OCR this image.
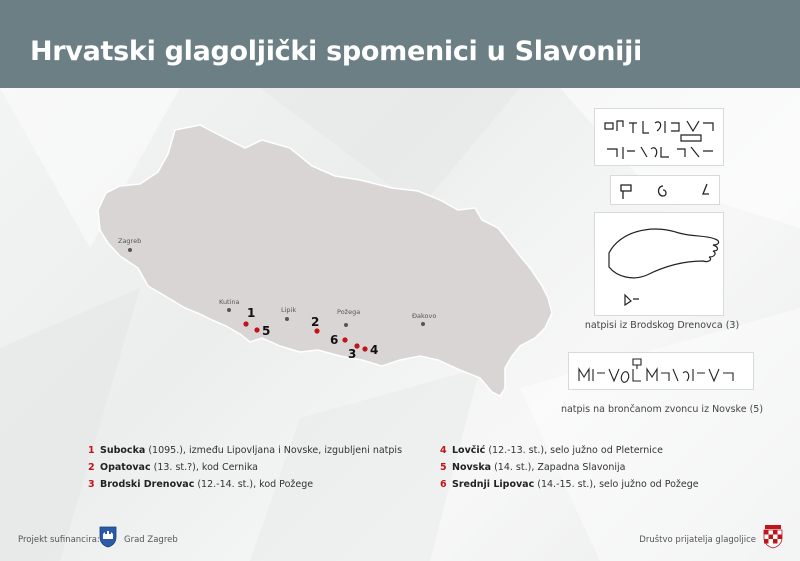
Hrvatski glagoljički spomenici u Slavoniji
Zagreb
Kutina
Lipik	Požega	Đakovo
1
5
2
6
3 4
natpisi iz Brodskog Drenovca (3)
natpis na brončanom zvoncu iz Novske (5)
1 Subocka (1095.), između Lipovljana i Novske, izgubljeni natpis
2 Opatovac (13. st.?), kod Cernika
3 Brodski Drenovac (12.-14. st.), kod Požege
4 Lovčić (12.-13. st.), selo južno od Pleternice
5 Novska (14. st.), Zapadna Slavonija
6 Srednji Lipovac (14.-15. st.), selo južno od Požege
Projekt sufinancira:	Grad Zagreb	Društvo prijatelja glagoljice
